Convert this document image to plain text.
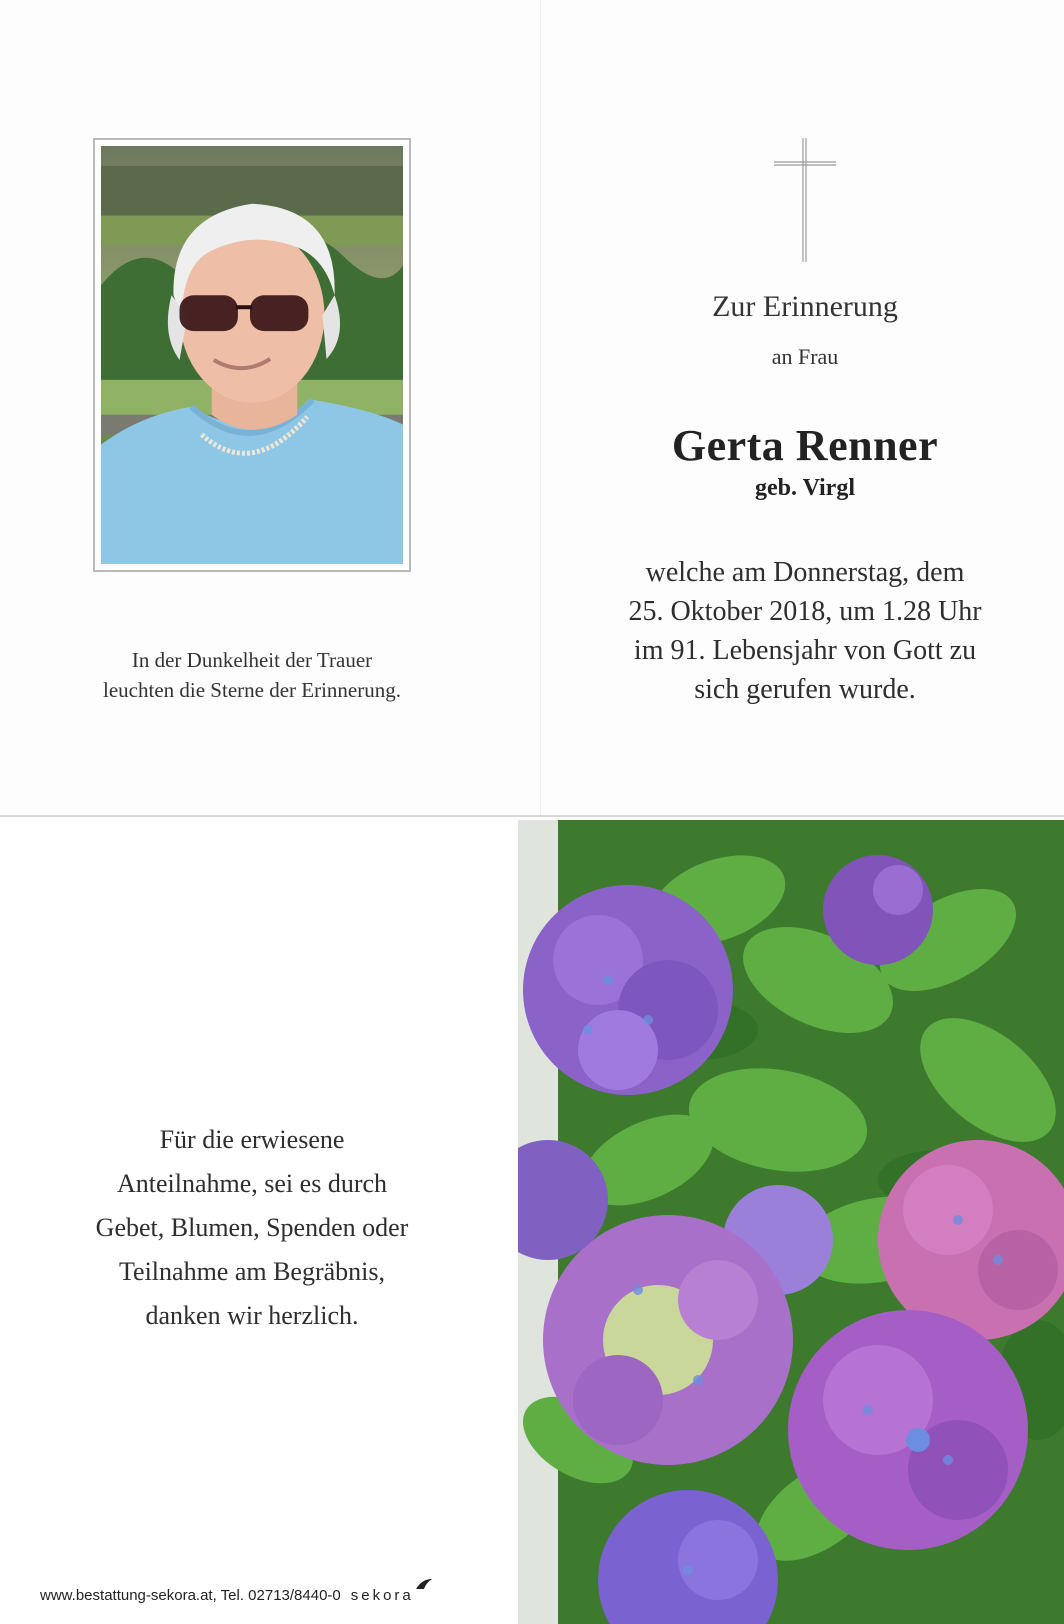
In der Dunkelheit der Trauer
leuchten die Sterne der Erinnerung.
Zur Erinnerung
an Frau
Gerta Renner
geb. Virgl
welche am Donnerstag, dem
25. Oktober 2018, um 1.28 Uhr
im 91. Lebensjahr von Gott zu
sich gerufen wurde.
Für die erwiesene
Anteilnahme, sei es durch
Gebet, Blumen, Spenden oder
Teilnahme am Begräbnis,
danken wir herzlich.
www.bestattung-sekora.at, Tel. 02713/8440-0 sekora
